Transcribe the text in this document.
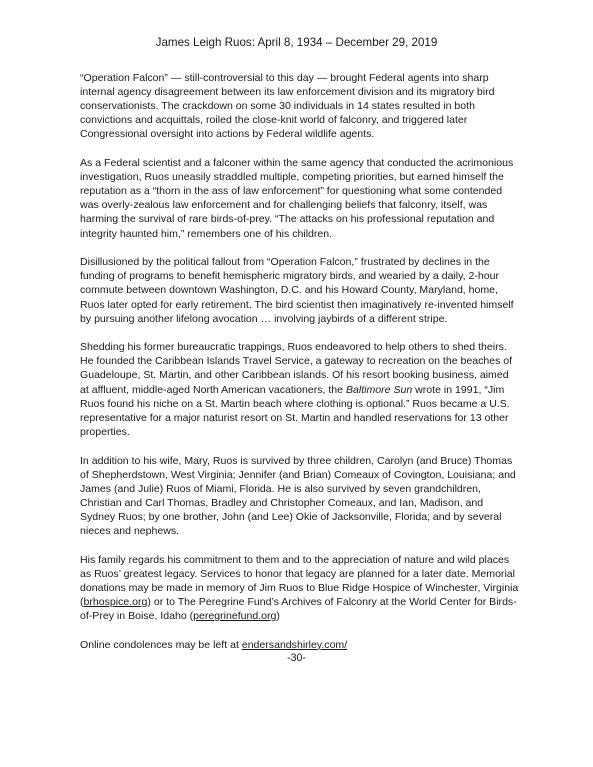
James Leigh Ruos: April 8, 1934 – December 29, 2019

“Operation Falcon” — still-controversial to this day — brought Federal agents into sharp internal agency disagreement between its law enforcement division and its migratory bird conservationists. The crackdown on some 30 individuals in 14 states resulted in both convictions and acquittals, roiled the close-knit world of falconry, and triggered later Congressional oversight into actions by Federal wildlife agents.

As a Federal scientist and a falconer within the same agency that conducted the acrimonious investigation, Ruos uneasily straddled multiple, competing priorities, but earned himself the reputation as a “thorn in the ass of law enforcement” for questioning what some contended was overly-zealous law enforcement and for challenging beliefs that falconry, itself, was harming the survival of rare birds-of-prey. “The attacks on his professional reputation and integrity haunted him,” remembers one of his children.

Disillusioned by the political fallout from “Operation Falcon,” frustrated by declines in the funding of programs to benefit hemispheric migratory birds, and wearied by a daily, 2-hour commute between downtown Washington, D.C. and his Howard County, Maryland, home, Ruos later opted for early retirement. The bird scientist then imaginatively re-invented himself by pursuing another lifelong avocation … involving jaybirds of a different stripe.

Shedding his former bureaucratic trappings, Ruos endeavored to help others to shed theirs. He founded the Caribbean Islands Travel Service, a gateway to recreation on the beaches of Guadeloupe, St. Martin, and other Caribbean islands. Of his resort booking business, aimed at affluent, middle-aged North American vacationers, the Baltimore Sun wrote in 1991, “Jim Ruos found his niche on a St. Martin beach where clothing is optional.” Ruos became a U.S. representative for a major naturist resort on St. Martin and handled reservations for 13 other properties.

In addition to his wife, Mary, Ruos is survived by three children, Carolyn (and Bruce) Thomas of Shepherdstown, West Virginia; Jennifer (and Brian) Comeaux of Covington, Louisiana; and James (and Julie) Ruos of Miami, Florida. He is also survived by seven grandchildren, Christian and Carl Thomas, Bradley and Christopher Comeaux, and Ian, Madison, and Sydney Ruos; by one brother, John (and Lee) Okie of Jacksonville, Florida; and by several nieces and nephews.

His family regards his commitment to them and to the appreciation of nature and wild places as Ruos’ greatest legacy. Services to honor that legacy are planned for a later date. Memorial donations may be made in memory of Jim Ruos to Blue Ridge Hospice of Winchester, Virginia (brhospice.org) or to The Peregrine Fund’s Archives of Falconry at the World Center for Birds-of-Prey in Boise, Idaho (peregrinefund.org)

Online condolences may be left at endersandshirley.com/

-30-
